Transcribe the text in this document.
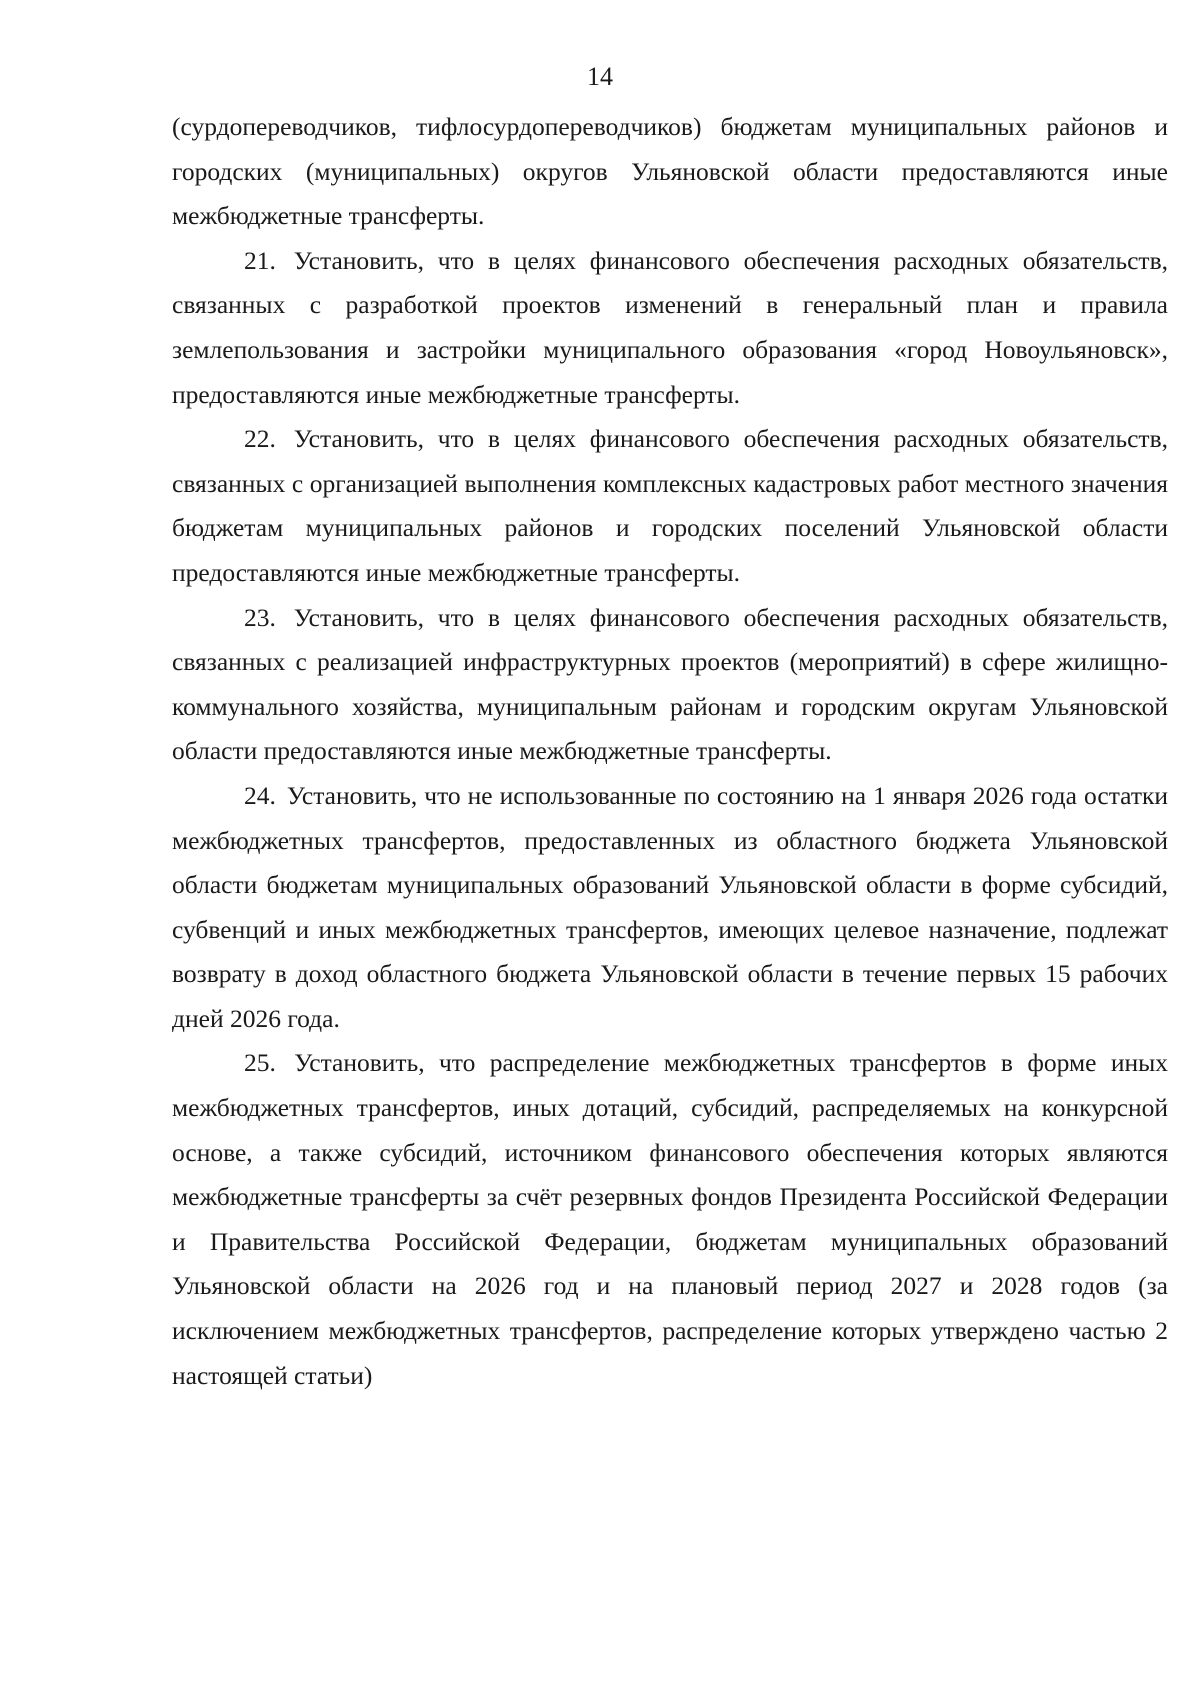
14

(сурдопереводчиков, тифлосурдопереводчиков) бюджетам муниципальных районов и городских (муниципальных) округов Ульяновской области предоставляются иные межбюджетные трансферты.

21. Установить, что в целях финансового обеспечения расходных обязательств, связанных с разработкой проектов изменений в генеральный план и правила землепользования и застройки муниципального образования «город Новоульяновск», предоставляются иные межбюджетные трансферты.

22. Установить, что в целях финансового обеспечения расходных обязательств, связанных с организацией выполнения комплексных кадастровых работ местного значения бюджетам муниципальных районов и городских поселений Ульяновской области предоставляются иные межбюджетные трансферты.

23. Установить, что в целях финансового обеспечения расходных обязательств, связанных с реализацией инфраструктурных проектов (мероприятий) в сфере жилищно-коммунального хозяйства, муниципальным районам и городским округам Ульяновской области предоставляются иные межбюджетные трансферты.

24. Установить, что не использованные по состоянию на 1 января 2026 года остатки межбюджетных трансфертов, предоставленных из областного бюджета Ульяновской области бюджетам муниципальных образований Ульяновской области в форме субсидий, субвенций и иных межбюджетных трансфертов, имеющих целевое назначение, подлежат возврату в доход областного бюджета Ульяновской области в течение первых 15 рабочих дней 2026 года.

25. Установить, что распределение межбюджетных трансфертов в форме иных межбюджетных трансфертов, иных дотаций, субсидий, распределяемых на конкурсной основе, а также субсидий, источником финансового обеспечения которых являются межбюджетные трансферты за счёт резервных фондов Президента Российской Федерации и Правительства Российской Федерации, бюджетам муниципальных образований Ульяновской области на 2026 год и на плановый период 2027 и 2028 годов (за исключением межбюджетных трансфертов, распределение которых утверждено частью 2 настоящей статьи)
